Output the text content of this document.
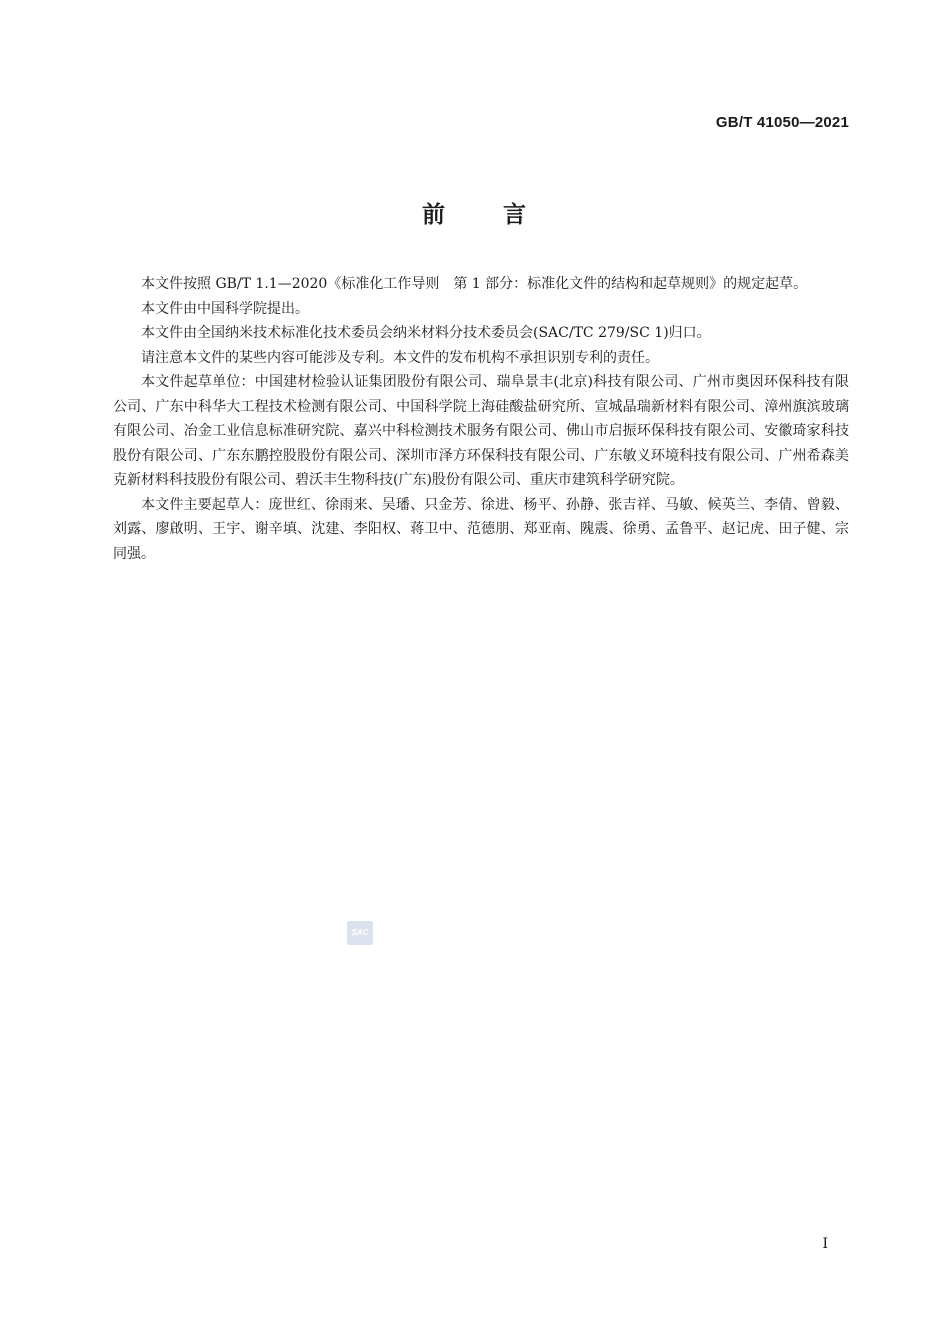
GB/T 41050—2021
前 言

本文件按照 GB/T 1.1—2020《标准化工作导则　第 1 部分：标准化文件的结构和起草规则》的规定起草。

本文件由中国科学院提出。

本文件由全国纳米技术标准化技术委员会纳米材料分技术委员会(SAC/TC 279/SC 1)归口。

请注意本文件的某些内容可能涉及专利。本文件的发布机构不承担识别专利的责任。

本文件起草单位：中国建材检验认证集团股份有限公司、瑞阜景丰(北京)科技有限公司、广州市奥因环保科技有限公司、广东中科华大工程技术检测有限公司、中国科学院上海硅酸盐研究所、宣城晶瑞新材料有限公司、漳州旗滨玻璃有限公司、冶金工业信息标准研究院、嘉兴中科检测技术服务有限公司、佛山市启振环保科技有限公司、安徽琦家科技股份有限公司、广东东鹏控股股份有限公司、深圳市泽方环保科技有限公司、广东敏义环境科技有限公司、广州希森美克新材料科技股份有限公司、碧沃丰生物科技(广东)股份有限公司、重庆市建筑科学研究院。

本文件主要起草人：庞世红、徐雨来、吴璠、只金芳、徐进、杨平、孙静、张吉祥、马敏、候英兰、李倩、曾毅、刘露、廖啟明、王宇、谢辛填、沈建、李阳权、蒋卫中、范德朋、郑亚南、隗震、徐勇、孟鲁平、赵记虎、田子健、宗同强。

SAC
I
